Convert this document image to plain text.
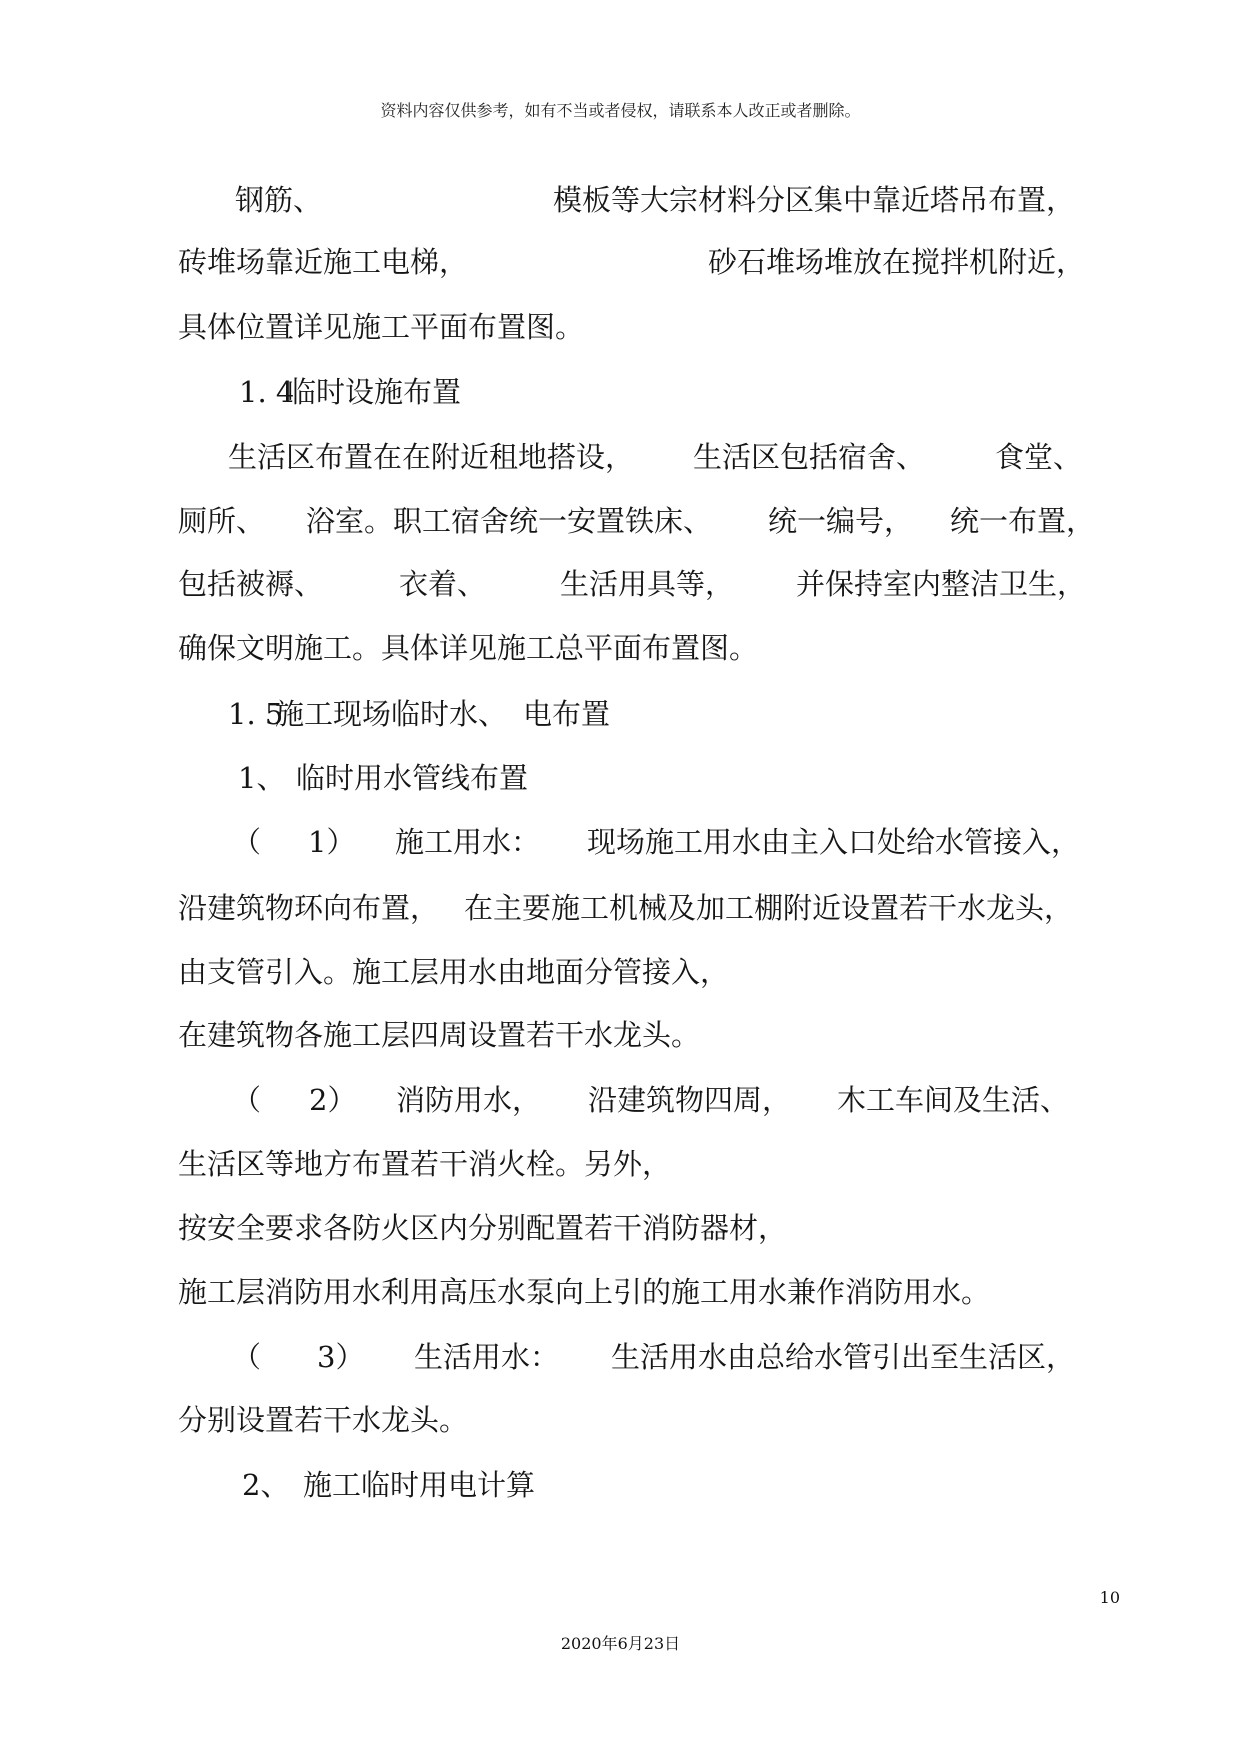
资料内容仅供参考，如有不当或者侵权，请联系本人改正或者删除。
钢筋、	模板等大宗材料分区集中靠近塔吊布置，
砖堆场靠近施工电梯，	砂石堆场堆放在搅拌机附近，
具体位置详见施工平面布置图。
1. 4
临时设施布置
生活区布置在在附近租地搭设， 生活区包括宿舍、 食堂、
厕所、 浴室。职工宿舍统一安置铁床、 统一编号， 统一布置，
包括被褥、	衣着、	生活用具等， 并保持室内整洁卫生，
确保文明施工。具体详见施工总平面布置图。
1. 5
施工现场临时水、 电布置
1、 临时用水管线布置
（ 1） 施工用水： 现场施工用水由主入口处给水管接入，
沿建筑物环向布置， 在主要施工机械及加工棚附近设置若干水龙头，
由支管引入。施工层用水由地面分管接入，
在建筑物各施工层四周设置若干水龙头。
（ 2） 消防用水， 沿建筑物四周， 木工车间及生活、
生活区等地方布置若干消火栓。另外，
按安全要求各防火区内分别配置若干消防器材，
施工层消防用水利用高压水泵向上引的施工用水兼作消防用水。
（ 3） 生活用水： 生活用水由总给水管引出至生活区，
分别设置若干水龙头。
2、 施工临时用电计算
10
2020年6月23日
